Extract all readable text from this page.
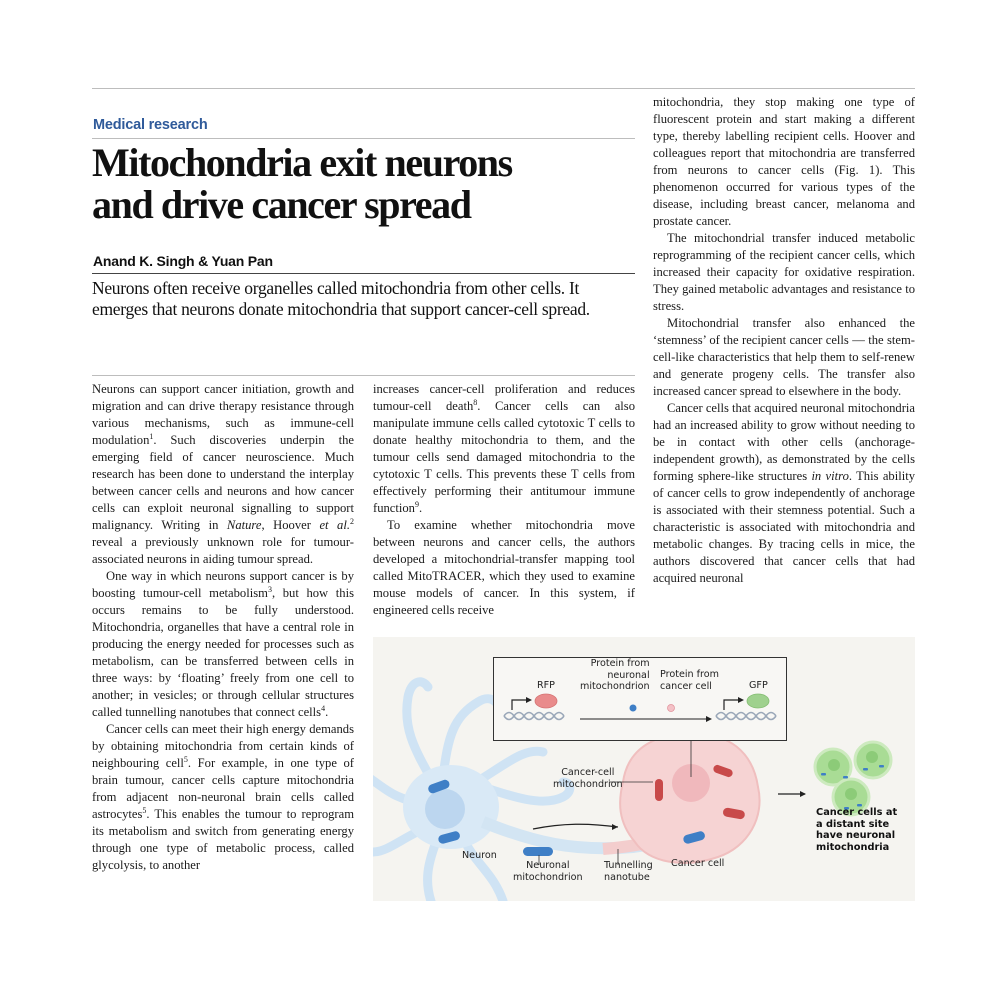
Medical research
Mitochondria exit neurons
and drive cancer spread
Anand K. Singh & Yuan Pan
Neurons often receive organelles called mitochondria from other cells. It emerges that neurons donate mitochondria that support cancer-cell spread.

Neurons can support cancer initiation, growth and migration and can drive therapy resistance through various mechanisms, such as immune-cell modulation$^1$. Such discoveries underpin the emerging field of cancer neuroscience. Much research has been done to understand the interplay between cancer cells and neurons and how cancer cells can exploit neuronal signalling to support malignancy. Writing in Nature, Hoover et al.$^2$ reveal a previously unknown role for tumour-associated neurons in aiding tumour spread.

One way in which neurons support cancer is by boosting tumour-cell metabolism$^3$, but how this occurs remains to be fully understood. Mitochondria, organelles that have a central role in producing the energy needed for processes such as metabolism, can be transferred between cells in three ways: by ‘floating’ freely from one cell to another; in vesicles; or through cellular structures called tunnelling nanotubes that connect cells$^4$.

Cancer cells can meet their high energy demands by obtaining mitochondria from certain kinds of neighbouring cell$^5$. For example, in one type of brain tumour, cancer cells capture mitochondria from adjacent non-neuronal brain cells called astrocytes$^5$. This enables the tumour to reprogram its metabolism and switch from generating energy through one type of metabolic process, called glycolysis, to another

increases cancer-cell proliferation and reduces tumour-cell death$^8$. Cancer cells can also manipulate immune cells called cytotoxic T cells to donate healthy mitochondria to them, and the tumour cells send damaged mitochondria to the cytotoxic T cells. This prevents these T cells from effectively performing their antitumour immune function$^9$.

To examine whether mitochondria move between neurons and cancer cells, the authors developed a mitochondrial-transfer mapping tool called MitoTRACER, which they used to examine mouse models of cancer. In this system, if engineered cells receive

mitochondria, they stop making one type of fluorescent protein and start making a different type, thereby labelling recipient cells. Hoover and colleagues report that mitochondria are transferred from neurons to cancer cells (Fig. 1). This phenomenon occurred for various types of the disease, including breast cancer, melanoma and prostate cancer.

The mitochondrial transfer induced metabolic reprogramming of the recipient cancer cells, which increased their capacity for oxidative respiration. They gained metabolic advantages and resistance to stress.

Mitochondrial transfer also enhanced the ‘stemness’ of the recipient cancer cells — the stem-cell-like characteristics that help them to self-renew and generate progeny cells. The transfer also increased cancer spread to elsewhere in the body.

Cancer cells that acquired neuronal mitochondria had an increased ability to grow without needing to be in contact with other cells (anchorage-independent growth), as demonstrated by the cells forming sphere-like structures in vitro. This ability of cancer cells to grow independently of anchorage is associated with their stemness potential. Such a characteristic is associated with mitochondria and metabolic changes. By tracing cells in mice, the authors discovered that cancer cells that had acquired neuronal

RFP
Protein from
neuronal
mitochondrion
Protein from
cancer cell	GFP
Cancer-cell
mitochondrion
Neuron
Neuronal
mitochondrion
Tunnelling
nanotube
Cancer cell
Cancer cells at
a distant site
have neuronal
mitochondria
